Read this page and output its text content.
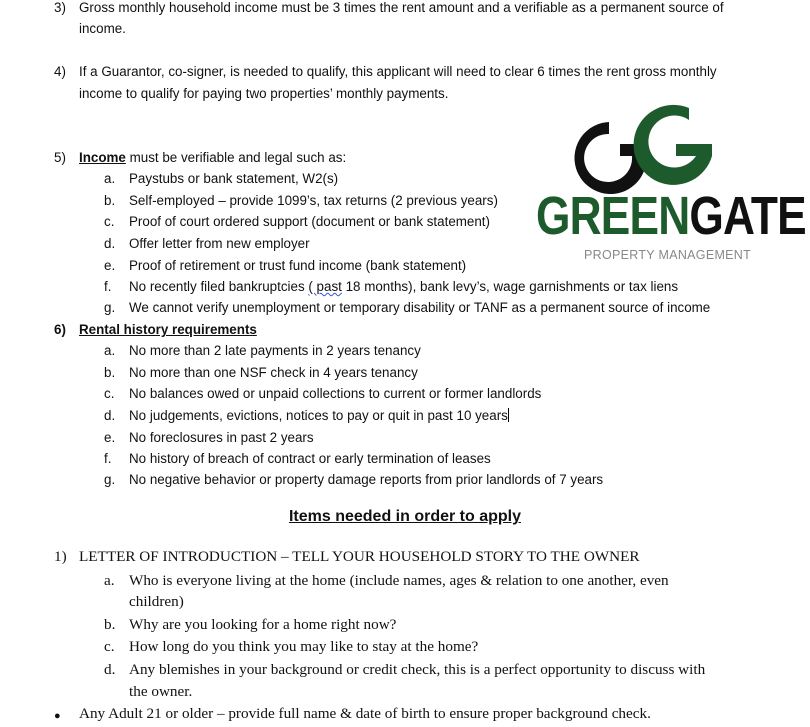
3) Gross monthly household income must be 3 times the rent amount and a verifiable as a permanent source of
income.
4) If a Guarantor, co-signer, is needed to qualify, this applicant will need to clear 6 times the rent gross monthly
income to qualify for paying two properties’ monthly payments.
5) Income must be verifiable and legal such as:
a. Paystubs or bank statement, W2(s)
b. Self-employed – provide 1099’s, tax returns (2 previous years)
c. Proof of court ordered support (document or bank statement)
d. Offer letter from new employer
e. Proof of retirement or trust fund income (bank statement)
f. No recently filed bankruptcies ( past 18 months), bank levy’s, wage garnishments or tax liens
g. We cannot verify unemployment or temporary disability or TANF as a permanent source of income
6) Rental history requirements
a. No more than 2 late payments in 2 years tenancy
b. No more than one NSF check in 4 years tenancy
c. No balances owed or unpaid collections to current or former landlords
d. No judgements, evictions, notices to pay or quit in past 10 years
e. No foreclosures in past 2 years
f. No history of breach of contract or early termination of leases
g. No negative behavior or property damage reports from prior landlords of 7 years
Items needed in order to apply
1) LETTER OF INTRODUCTION – TELL YOUR HOUSEHOLD STORY TO THE OWNER
a. Who is everyone living at the home (include names, ages & relation to one another, even
children)
b. Why are you looking for a home right now?
c. How long do you think you may like to stay at the home?
d. Any blemishes in your background or credit check, this is a perfect opportunity to discuss with
the owner.
● Any Adult 21 or older – provide full name & date of birth to ensure proper background check.
GREENGATE
PROPERTY MANAGEMENT
